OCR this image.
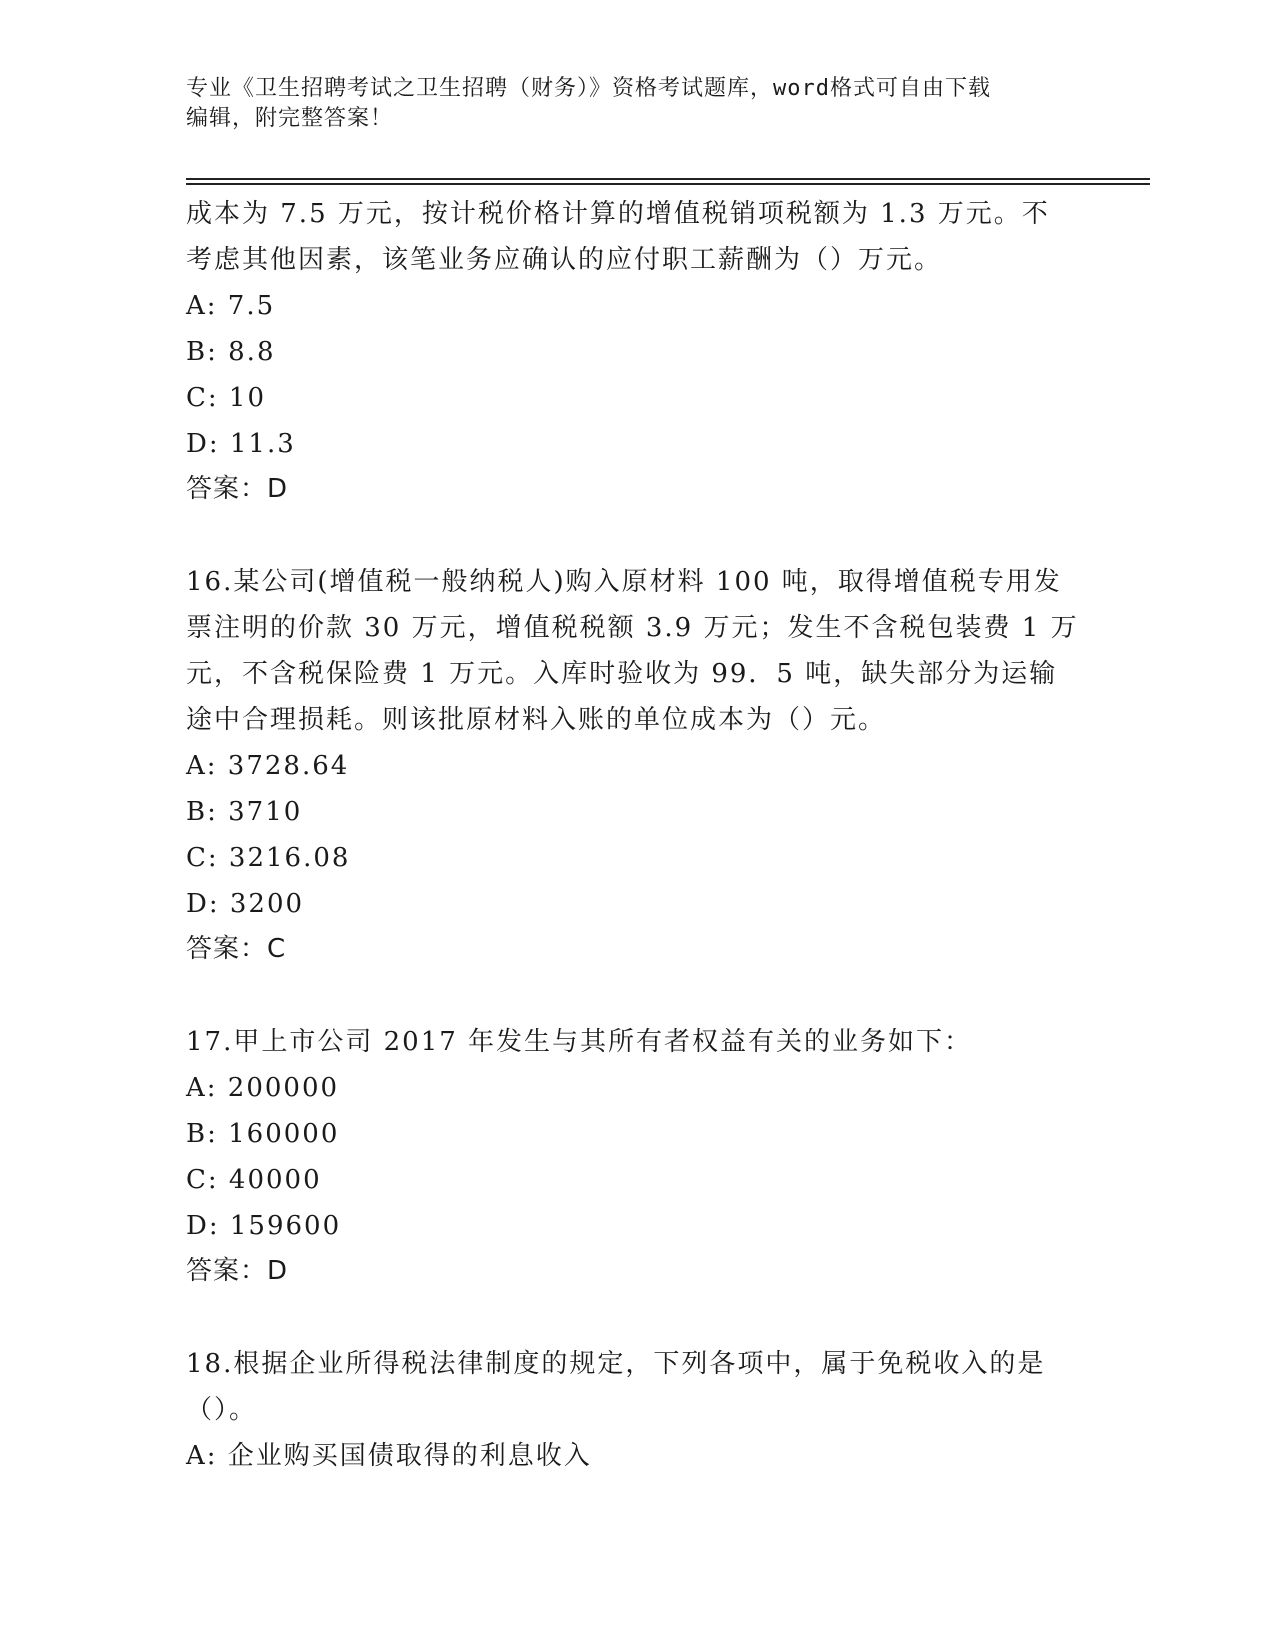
专业《卫生招聘考试之卫生招聘（财务）》资格考试题库，word格式可自由下载
编辑，附完整答案！
成本为 7.5 万元，按计税价格计算的增值税销项税额为 1.3 万元。不
考虑其他因素，该笔业务应确认的应付职工薪酬为（）万元。
A: 7.5
B: 8.8
C: 10
D: 11.3
答案：D
16.某公司(增值税一般纳税人)购入原材料 100 吨，取得增值税专用发
票注明的价款 30 万元，增值税税额 3.9 万元；发生不含税包装费 1 万
元，不含税保险费 1 万元。入库时验收为 99．5 吨，缺失部分为运输
途中合理损耗。则该批原材料入账的单位成本为（）元。
A: 3728.64
B: 3710
C: 3216.08
D: 3200
答案：C
17.甲上市公司 2017 年发生与其所有者权益有关的业务如下：
A: 200000
B: 160000
C: 40000
D: 159600
答案：D
18.根据企业所得税法律制度的规定，下列各项中，属于免税收入的是
（）。
A: 企业购买国债取得的利息收入
